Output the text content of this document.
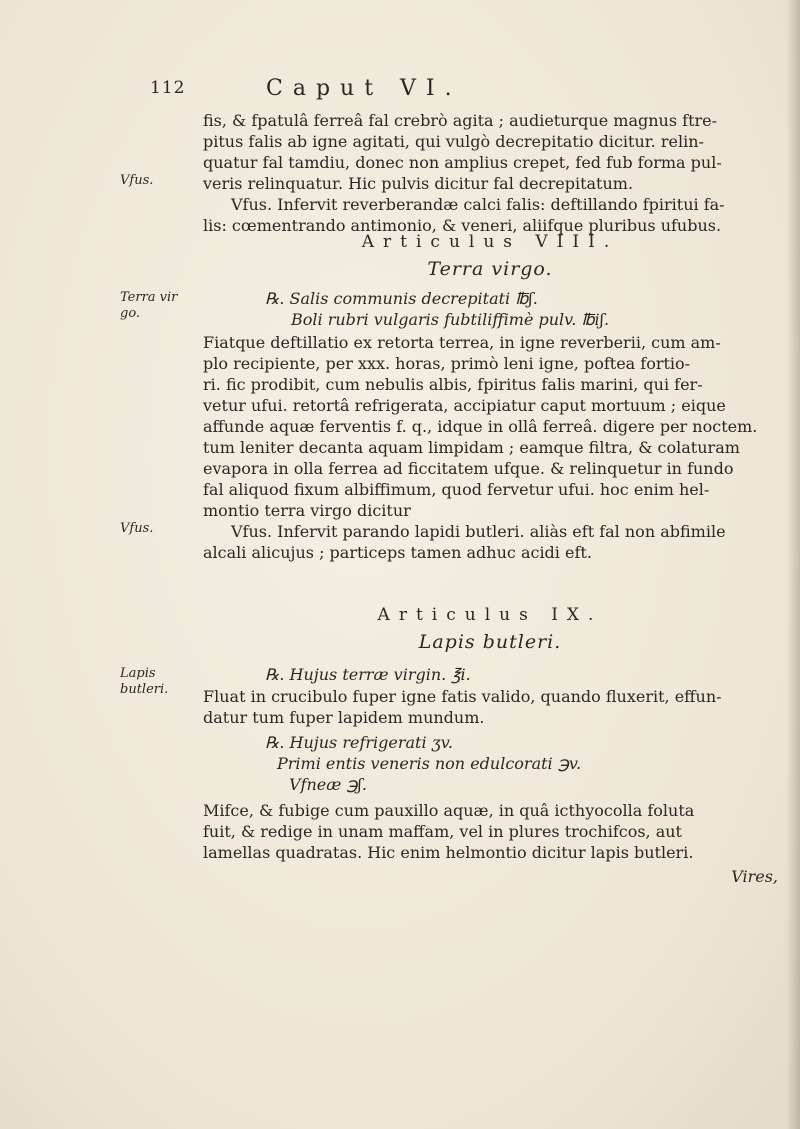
112	Caput VI.

fis, & fpatulâ ferreâ fal crebrò agita ; audieturque magnus ftre-

pitus falis ab igne agitati, qui vulgò decrepitatio dicitur. relin-

quatur fal tamdiu, donec non amplius crepet, fed fub forma pul-

veris relinquatur. Hic pulvis dicitur fal decrepitatum.

Vfus. Infervit reverberandæ calci falis: deftillando fpiritui fa-

lis: cœmentrando antimonio, & veneri, aliifque pluribus ufubus.

Vfus.
Articulus VIII.
Terra virgo.
Terra vir go.

℞. Salis communis decrepitati ℔ʃ.

Boli rubri vulgaris fubtiliffimè pulv. ℔iʃ.

Fiatque deftillatio ex retorta terrea, in igne reverberii, cum am-

plo recipiente, per xxx. horas, primò leni igne, poftea fortio-

ri. fic prodibit, cum nebulis albis, fpiritus falis marini, qui fer-

vetur ufui. retortâ refrigerata, accipiatur caput mortuum ; eique

affunde aquæ ferventis f. q., idque in ollâ ferreâ. digere per noctem.

tum leniter decanta aquam limpidam ; eamque filtra, & colaturam

evapora in olla ferrea ad ficcitatem ufque. & relinquetur in fundo

fal aliquod fixum albiffimum, quod fervetur ufui. hoc enim hel-

montio terra virgo dicitur

Vfus. Infervit parando lapidi butleri. aliàs eft fal non abfimile

alcali alicujus ; particeps tamen adhuc acidi eft.

Vfus.
Articulus IX.
Lapis butleri.
Lapis butleri.

℞. Hujus terræ virgin. ℥i.

Fluat in crucibulo fuper igne fatis valido, quando fluxerit, effun-

datur tum fuper lapidem mundum.

℞. Hujus refrigerati ʒv.

Primi entis veneris non edulcorati ℈v.

Vfneæ ℈ʃ.

Mifce, & fubige cum pauxillo aquæ, in quâ icthyocolla foluta

fuit, & redige in unam maffam, vel in plures trochifcos, aut

lamellas quadratas. Hic enim helmontio dicitur lapis butleri.

Vires,
